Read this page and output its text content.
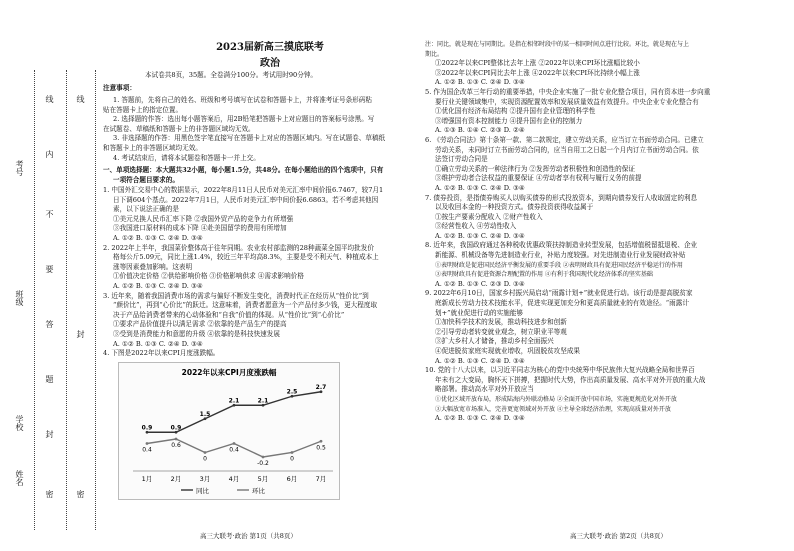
姓名
学校
班级
考号
线
内
不
要
答
题
封
密
线
封
密
2023届新高三摸底联考
政治
本试卷共8页，35题。全卷满分100分。考试用时90分钟。
注意事项：
1. 答题前，先将自己的姓名、班级和考号填写在试卷和答题卡上，并将准考证号条形码粘
贴在答题卡上的指定位置。
2. 选择题的作答：选出每小题答案后，用2B铅笔把答题卡上对应题目的答案标号涂黑。写
在试题卷、草稿纸和答题卡上的非答题区域均无效。
3. 非选择题的作答：用黑色签字笔直接写在答题卡上对应的答题区域内。写在试题卷、草稿纸
和答题卡上的非答题区域均无效。
4. 考试结束后，请将本试题卷和答题卡一并上交。
一、单项选择题：本大题共32小题，每小题1.5分，共48分。在每小题给出的四个选项中，只有
一项符合题目要求的。
1. 中国外汇交易中心的数据显示，2022年8月11日人民币对美元汇率中间价报6.7467，较7月1
日下调604个基点。2022年7月1日，人民币对美元汇率中间价报6.6863。若不考虑其他因
素，以下说法正确的是
①美元兑换人民币汇率下降 ②我国外贸产品的竞争力有所增强
③我国进口原材料的成本下降 ④赴美国留学的费用有所增加
A. ①② B. ①③ C. ②④ D. ③④
2. 2022年上半年，我国菜价整体高于往年同期。农业农村部监测的28种蔬菜全国平均批发价
格每公斤5.09元，同比上涨1.4%，较近三年平均高8.3%，主要是受不利天气、种植成本上
涨等因素叠加影响。这表明
①价值决定价格 ②供给影响价格 ③价格影响供求 ④需求影响价格
A. ①② B. ①③ C. ②④ D. ③④
3. 近年来，随着我国消费市场的需求与偏好不断发生变化，消费时代正在经历从“性价比”到
“颜价比”，再到“心价比”的跃迁。这意味着，消费者愿意为一个产品付多少钱，更大程度取
决于产品给消费者带来的心动体验和“自我”价值的体现。从“性价比”到“心价比”
①要求产品价值提升以满足需求 ②依靠的是产品生产的提高
③受到是消费能力和意愿的升级 ④依靠的是科技快速发展
A. ①② B. ①③ C. ②④ D. ③④
4. 下图是2022年以来CPI月度涨跌幅。
2022年以来CPI月度涨跌幅
1月	2月	3月	4月	5月	6月	7月
0.9	0.9
1.5
2.1	2.1
2.5
2.7
0.4
0.6
0
0.4
-0.2
0
0.5
同比	环比
高三大联考·政治 第1页（共8页）
注：同比，就是现在与同期比。是指在相邻时段中的某一相同时间点进行比较。环比，就是现在与上
期比。
①2022年以来CPI整体比去年上涨 ②2022年以来CPI环比涨幅比较小
③2022年以来CPI同比去年上涨 ④2022年以来CPI环比持续小幅上涨
A. ①② B. ①③ C. ②④ D. ③④
5. 作为国企改革三年行动的重要举措，中央企业实施了一批专业化整合项目，同有资本进一步向重
要行业关键领域集中，实现资源配置效率和发展质量效益有效提升。中央企业专业化整合有
①优化国有经济布局结构 ②提升国有企业管理的科学性
③增强国有资本控制能力 ④提升国有企业的控制力
A. ①③ B. ①④ C. ②③ D. ②④
6. 《劳动合同法》第十条第一款、第二款规定，建立劳动关系，应当订立书面劳动合同。已建立
劳动关系，未同时订立书面劳动合同的，应当自用工之日起一个月内订立书面劳动合同。依
法签订劳动合同是
①确立劳动关系的一种法律行为 ②发挥劳动者积极性和创造性的保证
③维护劳动者合法权益的重要保证 ④劳动者享有权利与履行义务的前提
A. ①② B. ①③ C. ②④ D. ③④
7. 债券投资，是指债券购买人以购买债券的形式投放资本，到期向债券发行人收取固定的利息
以及收回本金的一种投资方式。债券投资获得收益属于
①按生产要素分配收入 ②财产性收入
③经营性收入 ④劳动性收入
A. ①② B. ①③ C. ②④ D. ③④
8. 近年来，我国政府通过各种税收优惠政策扶持制造业转型发展，包括增值税留抵退税、企业
新能源、机械设备等先进制造业行业，补贴力度较强。对先进制造业行业发展财政补贴
①表明财政是促进国民经济平衡发展的重要手段 ②表明财政具有促进国民经济平稳运行的作用
③表明财政具有促进资源合理配置的作用 ④有利于我国现代化经济体系的坚实基础
A. ①② B. ①③ C. ②③ D. ③④
9. 2022年6月10日，国家乡村振兴局启动“雨露计划+”就业促进行动。该行动是提高脱贫家
庭新成长劳动力技术技能水平，促进实现更加充分和更高质量就业的有效途径。“雨露计
划+”就业促进行动的实施能够
①加快科学技术的发展，推动科技进步和创新
②引导劳动者转变就业观念，树立职业平等观
③扩大乡村人才储备，推动乡村全面振兴
④促进脱贫家庭实现就业增收，巩固脱贫攻坚成果
A. ①② B. ①③ C. ②④ D. ③④
10. 党的十八大以来，以习近平同志为核心的党中央统筹中华民族伟大复兴战略全局和世界百
年未有之大变局，胸怀天下拼搏，把握时代大势，作出高质量发展、高水平对外开放的重大战
略部署。推动高水平对外开放应当
①优化区域开放布局，形成陆海内外联动格局 ②全面开放中国市场，实施更规范化对外开放
③大幅放宽市场准入，完善更宽领域对外开放 ④主导全球经济治理，实现高质量对外开放
A. ①② B. ①③ C. ②④ D. ③④
高三大联考·政治 第2页（共8页）
